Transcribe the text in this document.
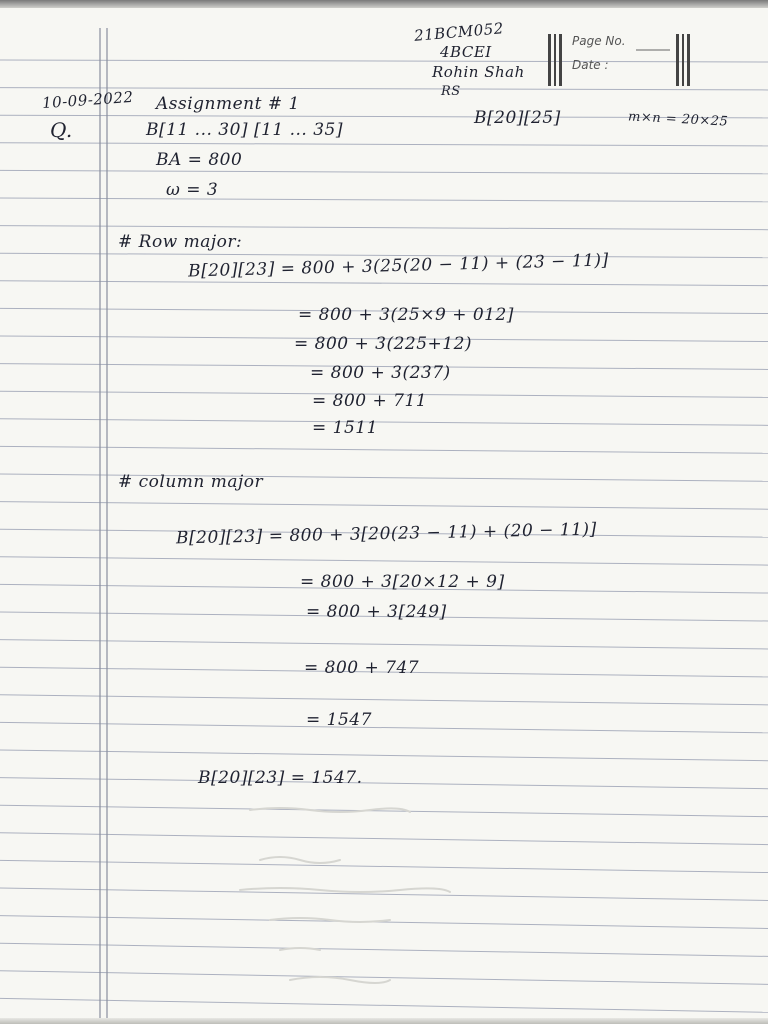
21BCM052
4BCEI
Rohin Shah
RS
Page No.
Date :
10-09-2022 Assignment # 1
Q.	B[11 ... 30] [11 ... 35]
B[20][25]	m×n = 20×25
BA = 800
ω = 3
# Row major:
B[20][23] = 800 + 3(25(20 − 11) + (23 − 11)]
= 800 + 3(25×9 + 012]
= 800 + 3(225+12)
= 800 + 3(237)
= 800 + 711
= 1511
# column major
B[20][23] = 800 + 3[20(23 − 11) + (20 − 11)]
= 800 + 3[20×12 + 9]
= 800 + 3[249]
= 800 + 747
= 1547
B[20][23] = 1547.
